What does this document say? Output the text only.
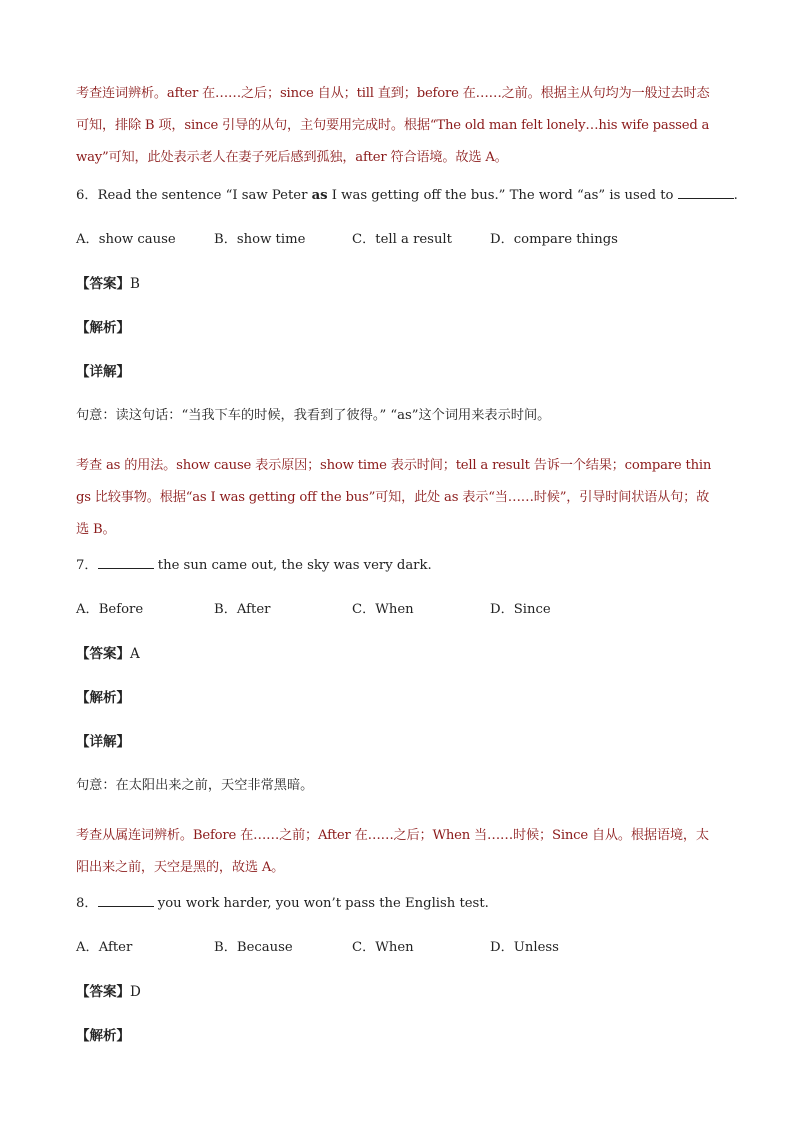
考查连词辨析。after 在……之后；since 自从；till 直到；before 在……之前。根据主从句均为一般过去时态可知，排除 B 项，since 引导的从句，主句要用完成时。根据“The old man felt lonely…his wife passed away”可知，此处表示老人在妻子死后感到孤独，after 符合语境。故选 A。

6．Read the sentence “I saw Peter as I was getting off the bus.” The word “as” is used to	.

A．show cause	B．show time	C．tell a result	D．compare things

【答案】B

【解析】

【详解】

句意：读这句话：“当我下车的时候，我看到了彼得。” “as”这个词用来表示时间。

考查 as 的用法。show cause 表示原因；show time 表示时间；tell a result 告诉一个结果；compare things 比较事物。根据“as I was getting off the bus”可知，此处 as 表示“当……时候”，引导时间状语从句；故选 B。

7．	the sun came out, the sky was very dark.

A．Before	B．After	C．When	D．Since

【答案】A

【解析】

【详解】

句意：在太阳出来之前，天空非常黑暗。

考查从属连词辨析。Before 在……之前；After 在……之后；When 当……时候；Since 自从。根据语境，太阳出来之前，天空是黑的，故选 A。

8．	you work harder, you won’t pass the English test.

A．After	B．Because	C．When	D．Unless

【答案】D

【解析】
